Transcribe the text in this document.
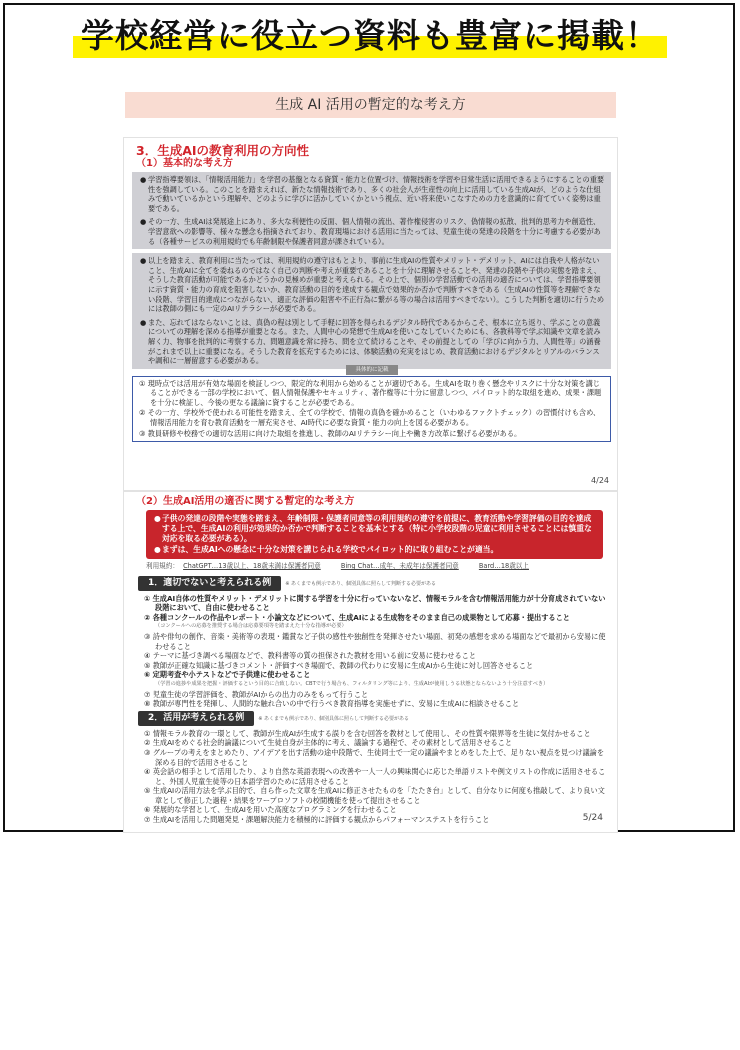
学校経営に役立つ資料も豊富に掲載！
生成 AI 活用の暫定的な考え方
3．生成AIの教育利用の方向性
（1）基本的な考え方
● 学習指導要領は、「情報活用能力」を学習の基盤となる資質・能力と位置づけ、情報技術を学習や日常生活に活用できるようにすることの重要性を強調している。このことを踏まえれば、新たな情報技術であり、多くの社会人が生産性の向上に活用している生成AIが、どのような仕組みで動いているかという理解や、どのように学びに活かしていくかという視点、近い将来使いこなすための力を意識的に育てていく姿勢は重要である。
● その一方、生成AIは発展途上にあり、多大な利便性の反面、個人情報の流出、著作権侵害のリスク、偽情報の拡散、批判的思考力や創造性、学習意欲への影響等、様々な懸念も指摘されており、教育現場における活用に当たっては、児童生徒の発達の段階を十分に考慮する必要がある（各種サービスの利用規約でも年齢制限や保護者同意が課されている）。
● 以上を踏まえ、教育利用に当たっては、利用規約の遵守はもとより、事前に生成AIの性質やメリット・デメリット、AIには自我や人格がないこと、生成AIに全てを委ねるのではなく自己の判断や考えが重要であることを十分に理解させることや、発達の段階や子供の実態を踏まえ、そうした教育活動が可能であるかどうかの見極めが重要と考えられる。その上で、個別の学習活動での活用の適否については、学習指導要領に示す資質・能力の育成を阻害しないか、教育活動の目的を達成する観点で効果的か否かで判断すべきである（生成AIの性質等を理解できない段階、学習目的達成につながらない、適正な評価の阻害や不正行為に繋がる等の場合は活用すべきでない）。こうした判断を適切に行うためには教師の側にも一定のAIリテラシーが必要である。
● また、忘れてはならないことは、真偽の程は別として手軽に回答を得られるデジタル時代であるからこそ、根本に立ち返り、学ぶことの意義についての理解を深める指導が重要となる。また、人間中心の発想で生成AIを使いこなしていくためにも、各教科等で学ぶ知識や文章を読み解く力、物事を批判的に考察する力、問題意識を常に持ち、問を立て続けることや、その前提としての「学びに向かう力、人間性等」の涵養がこれまで以上に重要になる。そうした教育を拡充するためには、体験活動の充実をはじめ、教育活動におけるデジタルとリアルのバランスや調和に一層留意する必要がある。
具体的に記載
① 現時点では活用が有効な場面を検証しつつ、限定的な利用から始めることが適切である。生成AIを取り巻く懸念やリスクに十分な対策を講じることができる一部の学校において、個人情報保護やセキュリティ、著作権等に十分に留意しつつ、パイロット的な取組を進め、成果・課題を十分に検証し、今後の更なる議論に資することが必要である。
② その一方、学校外で使われる可能性を踏まえ、全ての学校で、情報の真偽を確かめること（いわゆるファクトチェック）の習慣付けも含め、情報活用能力を育む教育活動を一層充実させ、AI時代に必要な資質・能力の向上を図る必要がある。
③ 教員研修や校務での適切な活用に向けた取組を推進し、教師のAIリテラシー向上や働き方改革に繋げる必要がある。
4/24
（2）生成AI活用の適否に関する暫定的な考え方
●子供の発達の段階や実態を踏まえ、年齢制限・保護者同意等の利用規約の遵守を前提に、教育活動や学習評価の目的を達成する上で、生成AIの利用が効果的か否かで判断することを基本とする（特に小学校段階の児童に利用させることには慎重な対応を取る必要がある）。
●まずは、生成AIへの懸念に十分な対策を講じられる学校でパイロット的に取り組むことが適当。
利用規約： ChatGPT…13歳以上、18歳未満は保護者同意	Bing Chat…成年、未成年は保護者同意	Bard…18歳以上
1．適切でないと考えられる例	※ あくまでも例示であり、個別具体に照らして判断する必要がある
① 生成AI自体の性質やメリット・デメリットに関する学習を十分に行っていないなど、情報モラルを含む情報活用能力が十分育成されていない段階において、自由に使わせること
② 各種コンクールの作品やレポート・小論文などについて、生成AIによる生成物をそのまま自己の成果物として応募・提出すること
（コンクールへの応募を推奨する場合は応募要項等を踏まえた十分な指導が必要）
③ 詩や俳句の創作、音楽・美術等の表現・鑑賞など子供の感性や独創性を発揮させたい場面、初発の感想を求める場面などで最初から安易に使わせること
④ テーマに基づき調べる場面などで、教科書等の質の担保された教材を用いる前に安易に使わせること
⑤ 教師が正確な知識に基づきコメント・評価すべき場面で、教師の代わりに安易に生成AIから生徒に対し回答させること
⑥ 定期考査や小テストなどで子供達に使わせること
（学習の進捗や成果を把握・評価するという目的に合致しない。CBTで行う場合も、フィルタリング等により、生成AIが使用しうる状態とならないよう十分注意すべき）
⑦ 児童生徒の学習評価を、教師がAIからの出力のみをもって行うこと
⑧ 教師が専門性を発揮し、人間的な触れ合いの中で行うべき教育指導を実施せずに、安易に生成AIに相談させること
2．活用が考えられる例	※ あくまでも例示であり、個別具体に照らして判断する必要がある
① 情報モラル教育の一環として、教師が生成AIが生成する誤りを含む回答を教材として使用し、その性質や限界等を生徒に気付かせること
② 生成AIをめぐる社会的論議について生徒自身が主体的に考え、議論する過程で、その素材として活用させること
③ グループの考えをまとめたり、アイデアを出す活動の途中段階で、生徒同士で一定の議論やまとめをした上で、足りない視点を見つけ議論を深める目的で活用させること
④ 英会話の相手として活用したり、より自然な英語表現への改善や一人一人の興味関心に応じた単語リストや例文リストの作成に活用させること、外国人児童生徒等の日本語学習のために活用させること
⑤ 生成AIの活用方法を学ぶ目的で、自ら作った文章を生成AIに修正させたものを「たたき台」として、自分なりに何度も推敲して、より良い文章として修正した過程・結果をワープロソフトの校閲機能を使って提出させること
⑥ 発展的な学習として、生成AIを用いた高度なプログラミングを行わせること
⑦ 生成AIを活用した問題発見・課題解決能力を積極的に評価する観点からパフォーマンステストを行うこと	5/24
